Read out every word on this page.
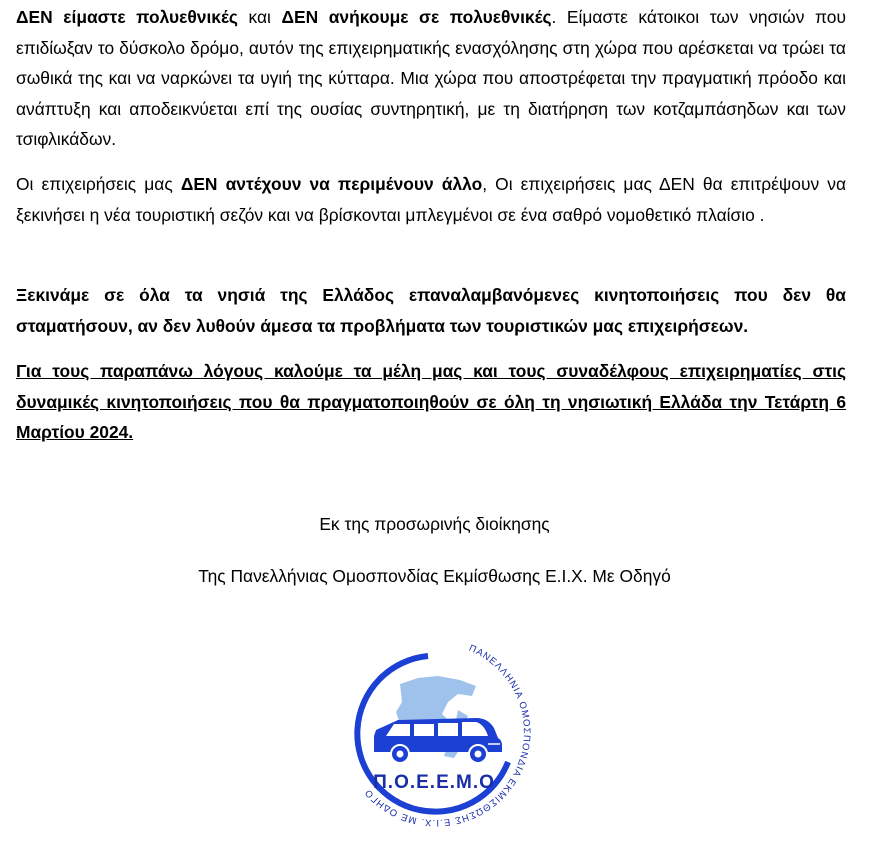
ΔΕΝ είμαστε πολυεθνικές και ΔΕΝ ανήκουμε σε πολυεθνικές. Είμαστε κάτοικοι των νησιών που επιδίωξαν το δύσκολο δρόμο, αυτόν της επιχειρηματικής ενασχόλησης στη χώρα που αρέσκεται να τρώει τα σωθικά της και να ναρκώνει τα υγιή της κύτταρα. Μια χώρα που αποστρέφεται την πραγματική πρόοδο και ανάπτυξη και αποδεικνύεται επί της ουσίας συντηρητική, με τη διατήρηση των κοτζαμπάσηδων και των τσιφλικάδων.

Οι επιχειρήσεις μας ΔΕΝ αντέχουν να περιμένουν άλλο, Οι επιχειρήσεις μας ΔΕΝ θα επιτρέψουν να ξεκινήσει η νέα τουριστική σεζόν και να βρίσκονται μπλεγμένοι σε ένα σαθρό νομοθετικό πλαίσιο .

Ξεκινάμε σε όλα τα νησιά της Ελλάδος επαναλαμβανόμενες κινητοποιήσεις που δεν θα σταματήσουν, αν δεν λυθούν άμεσα τα προβλήματα των τουριστικών μας επιχειρήσεων.

Για τους παραπάνω λόγους καλούμε τα μέλη μας και τους συναδέλφους επιχειρηματίες στις δυναμικές κινητοποιήσεις που θα πραγματοποιηθούν σε όλη τη νησιωτική Ελλάδα την Τετάρτη 6 Μαρτίου 2024.

Εκ της προσωρινής διοίκησης

Της Πανελλήνιας Ομοσπονδίας Εκμίσθωσης Ε.Ι.Χ. Με Οδηγό

ΠΑΝΕΛΛΗΝΙΑ ΟΜΟΣΠΟΝΔΙΑ ΕΚΜΙΣΘΩΣΗΣ Ε.Ι.Χ. ΜΕ ΟΔΗΓΟ
Π.Ο.Ε.Ε.Μ.Ο
